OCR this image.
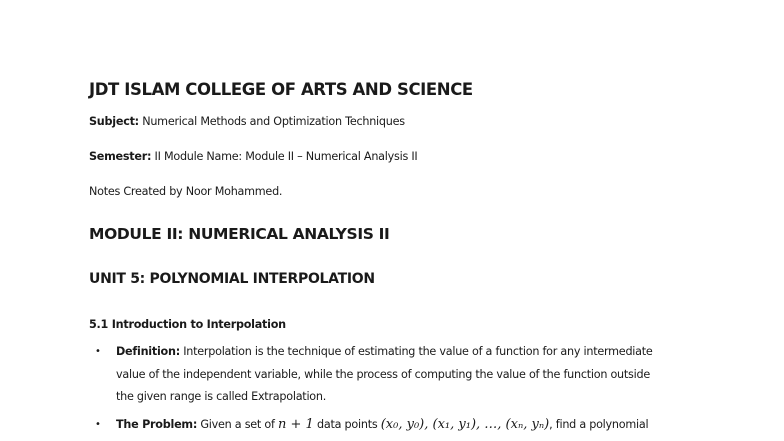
JDT ISLAM COLLEGE OF ARTS AND SCIENCE
Subject: Numerical Methods and Optimization Techniques
Semester: II Module Name: Module II – Numerical Analysis II
Notes Created by Noor Mohammed.
MODULE II: NUMERICAL ANALYSIS II
UNIT 5: POLYNOMIAL INTERPOLATION
5.1 Introduction to Interpolation
• Definition: Interpolation is the technique of estimating the value of a function for any intermediate
value of the independent variable, while the process of computing the value of the function outside
the given range is called Extrapolation.
• The Problem: Given a set of n + 1 data points (x₀, y₀), (x₁, y₁), …, (xₙ, yₙ), find a polynomial
